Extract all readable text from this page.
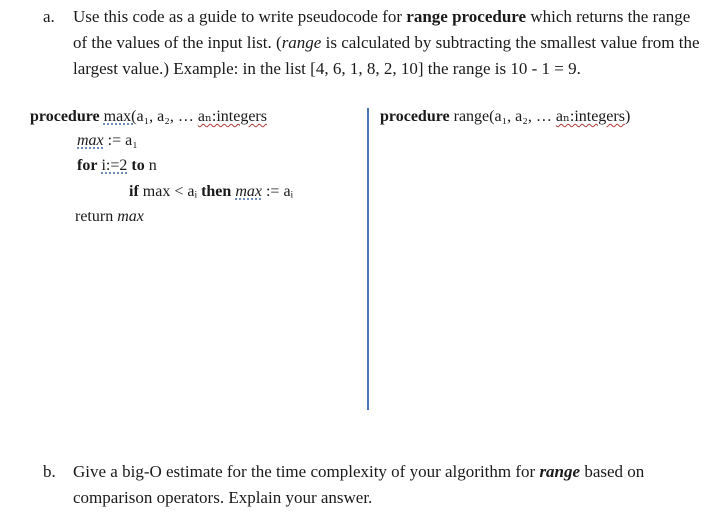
a. Use this code as a guide to write pseudocode for range procedure which returns the range of the values of the input list. (range is calculated by subtracting the smallest value from the largest value.) Example: in the list [4, 6, 1, 8, 2, 10] the range is 10 - 1 = 9.
procedure max(a₁, a₂, … aₙ:integers
max := a₁
for i:=2 to n
if max < aᵢ then max := aᵢ
return max
procedure range(a₁, a₂, … aₙ:integers)
b. Give a big-O estimate for the time complexity of your algorithm for range based on comparison operators. Explain your answer.
